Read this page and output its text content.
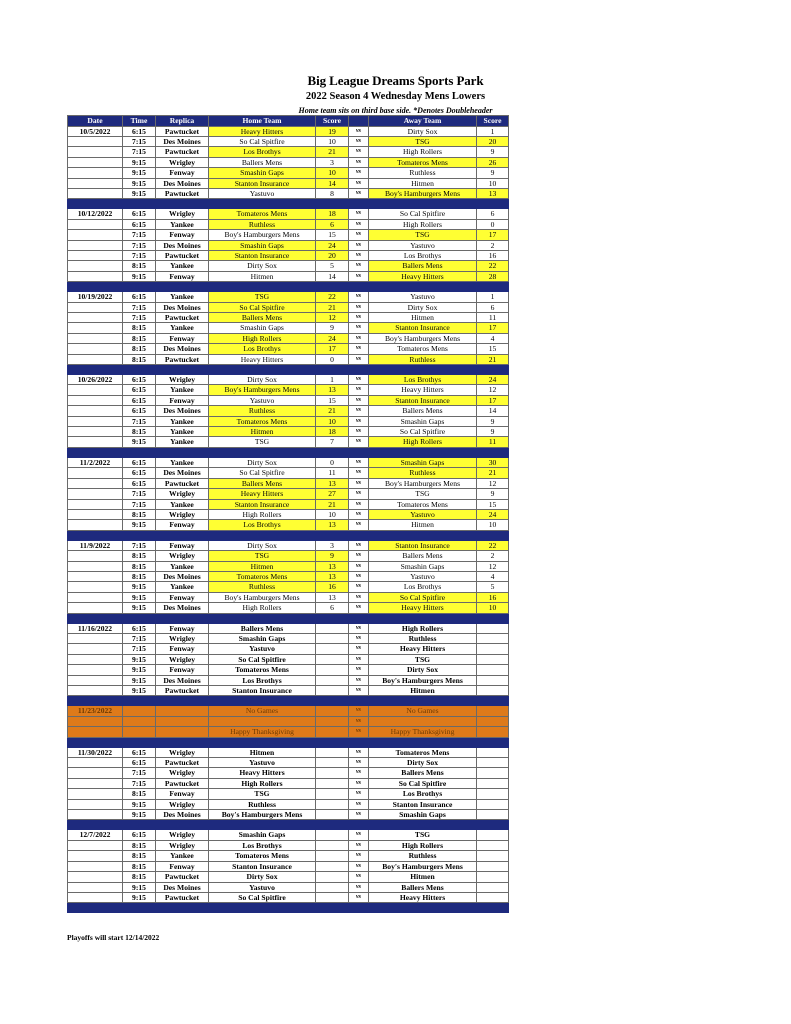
Big League Dreams Sports Park
2022 Season 4 Wednesday Mens Lowers
Home team sits on third base side. *Denotes Doubleheader
Date	Time	Replica	Home Team	Score		Away Team	Score
10/5/2022	6:15	Pawtucket	Heavy Hitters	19	vs	Dirty Sox	1
	7:15	Des Moines	So Cal Spitfire	10	vs	TSG	20
	7:15	Pawtucket	Los Brothys	21	vs	High Rollers	9
	9:15	Wrigley	Ballers Mens	3	vs	Tomateros Mens	26
	9:15	Fenway	Smashin Gaps	10	vs	Ruthless	9
	9:15	Des Moines	Stanton Insurance	14	vs	Hitmen	10
	9:15	Pawtucket	Yastuvo	8	vs	Boy's Hamburgers Mens	13

10/12/2022	6:15	Wrigley	Tomateros Mens	18	vs	So Cal Spitfire	6
	6:15	Yankee	Ruthless	6	vs	High Rollers	0
	7:15	Fenway	Boy's Hamburgers Mens	15	vs	TSG	17
	7:15	Des Moines	Smashin Gaps	24	vs	Yastuvo	2
	7:15	Pawtucket	Stanton Insurance	20	vs	Los Brothys	16
	8:15	Yankee	Dirty Sox	5	vs	Ballers Mens	22
	9:15	Fenway	Hitmen	14	vs	Heavy Hitters	28

10/19/2022	6:15	Yankee	TSG	22	vs	Yastuvo	1
	7:15	Des Moines	So Cal Spitfire	21	vs	Dirty Sox	6
	7:15	Pawtucket	Ballers Mens	12	vs	Hitmen	11
	8:15	Yankee	Smashin Gaps	9	vs	Stanton Insurance	17
	8:15	Fenway	High Rollers	24	vs	Boy's Hamburgers Mens	4
	8:15	Des Moines	Los Brothys	17	vs	Tomateros Mens	15
	8:15	Pawtucket	Heavy Hitters	0	vs	Ruthless	21

10/26/2022	6:15	Wrigley	Dirty Sox	1	vs	Los Brothys	24
	6:15	Yankee	Boy's Hamburgers Mens	13	vs	Heavy Hitters	12
	6:15	Fenway	Yastuvo	15	vs	Stanton Insurance	17
	6:15	Des Moines	Ruthless	21	vs	Ballers Mens	14
	7:15	Yankee	Tomateros Mens	10	vs	Smashin Gaps	9
	8:15	Yankee	Hitmen	18	vs	So Cal Spitfire	9
	9:15	Yankee	TSG	7	vs	High Rollers	11

11/2/2022	6:15	Yankee	Dirty Sox	0	vs	Smashin Gaps	30
	6:15	Des Moines	So Cal Spitfire	11	vs	Ruthless	21
	6:15	Pawtucket	Ballers Mens	13	vs	Boy's Hamburgers Mens	12
	7:15	Wrigley	Heavy Hitters	27	vs	TSG	9
	7:15	Yankee	Stanton Insurance	21	vs	Tomateros Mens	15
	8:15	Wrigley	High Rollers	10	vs	Yastuvo	24
	9:15	Fenway	Los Brothys	13	vs	Hitmen	10

11/9/2022	7:15	Fenway	Dirty Sox	3	vs	Stanton Insurance	22
	8:15	Wrigley	TSG	9	vs	Ballers Mens	2
	8:15	Yankee	Hitmen	13	vs	Smashin Gaps	12
	8:15	Des Moines	Tomateros Mens	13	vs	Yastuvo	4
	9:15	Yankee	Ruthless	16	vs	Los Brothys	5
	9:15	Fenway	Boy's Hamburgers Mens	13	vs	So Cal Spitfire	16
	9:15	Des Moines	High Rollers	6	vs	Heavy Hitters	10

11/16/2022	6:15	Fenway	Ballers Mens		vs	High Rollers	
	7:15	Wrigley	Smashin Gaps		vs	Ruthless	
	7:15	Fenway	Yastuvo		vs	Heavy Hitters	
	9:15	Wrigley	So Cal Spitfire		vs	TSG	
	9:15	Fenway	Tomateros Mens		vs	Dirty Sox	
	9:15	Des Moines	Los Brothys		vs	Boy's Hamburgers Mens	
	9:15	Pawtucket	Stanton Insurance		vs	Hitmen	

11/23/2022			No Games		vs	No Games	
					vs		
			Happy Thanksgiving		vs	Happy Thanksgiving	

11/30/2022	6:15	Wrigley	Hitmen		vs	Tomateros Mens	
	6:15	Pawtucket	Yastuvo		vs	Dirty Sox	
	7:15	Wrigley	Heavy Hitters		vs	Ballers Mens	
	7:15	Pawtucket	High Rollers		vs	So Cal Spitfire	
	8:15	Fenway	TSG		vs	Los Brothys	
	9:15	Wrigley	Ruthless		vs	Stanton Insurance	
	9:15	Des Moines	Boy's Hamburgers Mens		vs	Smashin Gaps	

12/7/2022	6:15	Wrigley	Smashin Gaps		vs	TSG	
	8:15	Wrigley	Los Brothys		vs	High Rollers	
	8:15	Yankee	Tomateros Mens		vs	Ruthless	
	8:15	Fenway	Stanton Insurance		vs	Boy's Hamburgers Mens	
	8:15	Pawtucket	Dirty Sox		vs	Hitmen	
	9:15	Des Moines	Yastuvo		vs	Ballers Mens	
	9:15	Pawtucket	So Cal Spitfire		vs	Heavy Hitters	

Playoffs will start 12/14/2022
